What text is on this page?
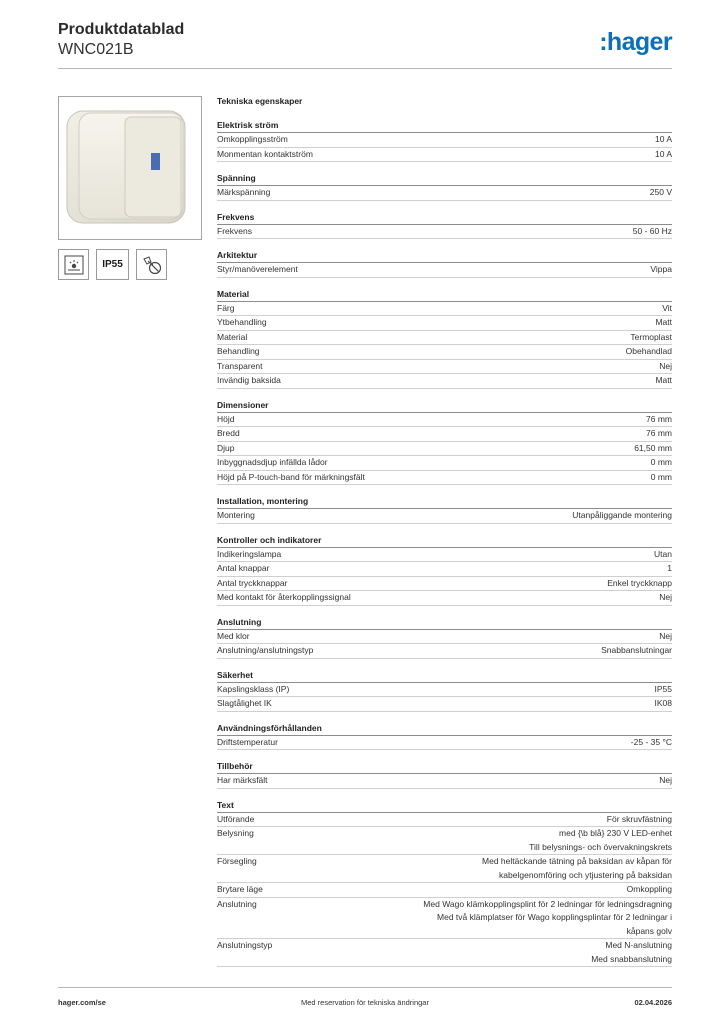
Produktdatablad
WNC021B	:hager
IP55
Tekniska egenskaper
Elektrisk ström
Omkopplingsström	10 A
Monmentan kontaktström	10 A
Spänning
Märkspänning	250 V
Frekvens
Frekvens	50 - 60 Hz
Arkitektur
Styr/manöverelement	Vippa
Material
Färg	Vit
Ytbehandling	Matt
Material	Termoplast
Behandling	Obehandlad
Transparent	Nej
Invändig baksida	Matt
Dimensioner
Höjd	76 mm
Bredd	76 mm
Djup	61,50 mm
Inbyggnadsdjup infällda lådor	0 mm
Höjd på P-touch-band för märkningsfält	0 mm
Installation, montering
Montering	Utanpåliggande montering
Kontroller och indikatorer
Indikeringslampa	Utan
Antal knappar	1
Antal tryckknappar	Enkel tryckknapp
Med kontakt för återkopplingssignal	Nej
Anslutning
Med klor	Nej
Anslutning/anslutningstyp	Snabbanslutningar
Säkerhet
Kapslingsklass (IP)	IP55
Slagtålighet IK	IK08
Användningsförhållanden
Driftstemperatur	-25 - 35 °C
Tillbehör
Har märksfält	Nej
Text
Utförande	För skruvfästning
Belysning	med {\b blå} 230 V LED-enhet
Till belysnings- och övervakningskrets
Försegling	Med heltäckande tätning på baksidan av kåpan för
kabelgenomföring och ytjustering på baksidan
Brytare läge	Omkoppling
Anslutning	Med Wago klämkopplingsplint för 2 ledningar för ledningsdragning
Med två klämplatser för Wago kopplingsplintar för 2 ledningar i
kåpans golv
Anslutningstyp	Med N-anslutning
Med snabbanslutning
hager.com/se	Med reservation för tekniska ändringar	02.04.2026
